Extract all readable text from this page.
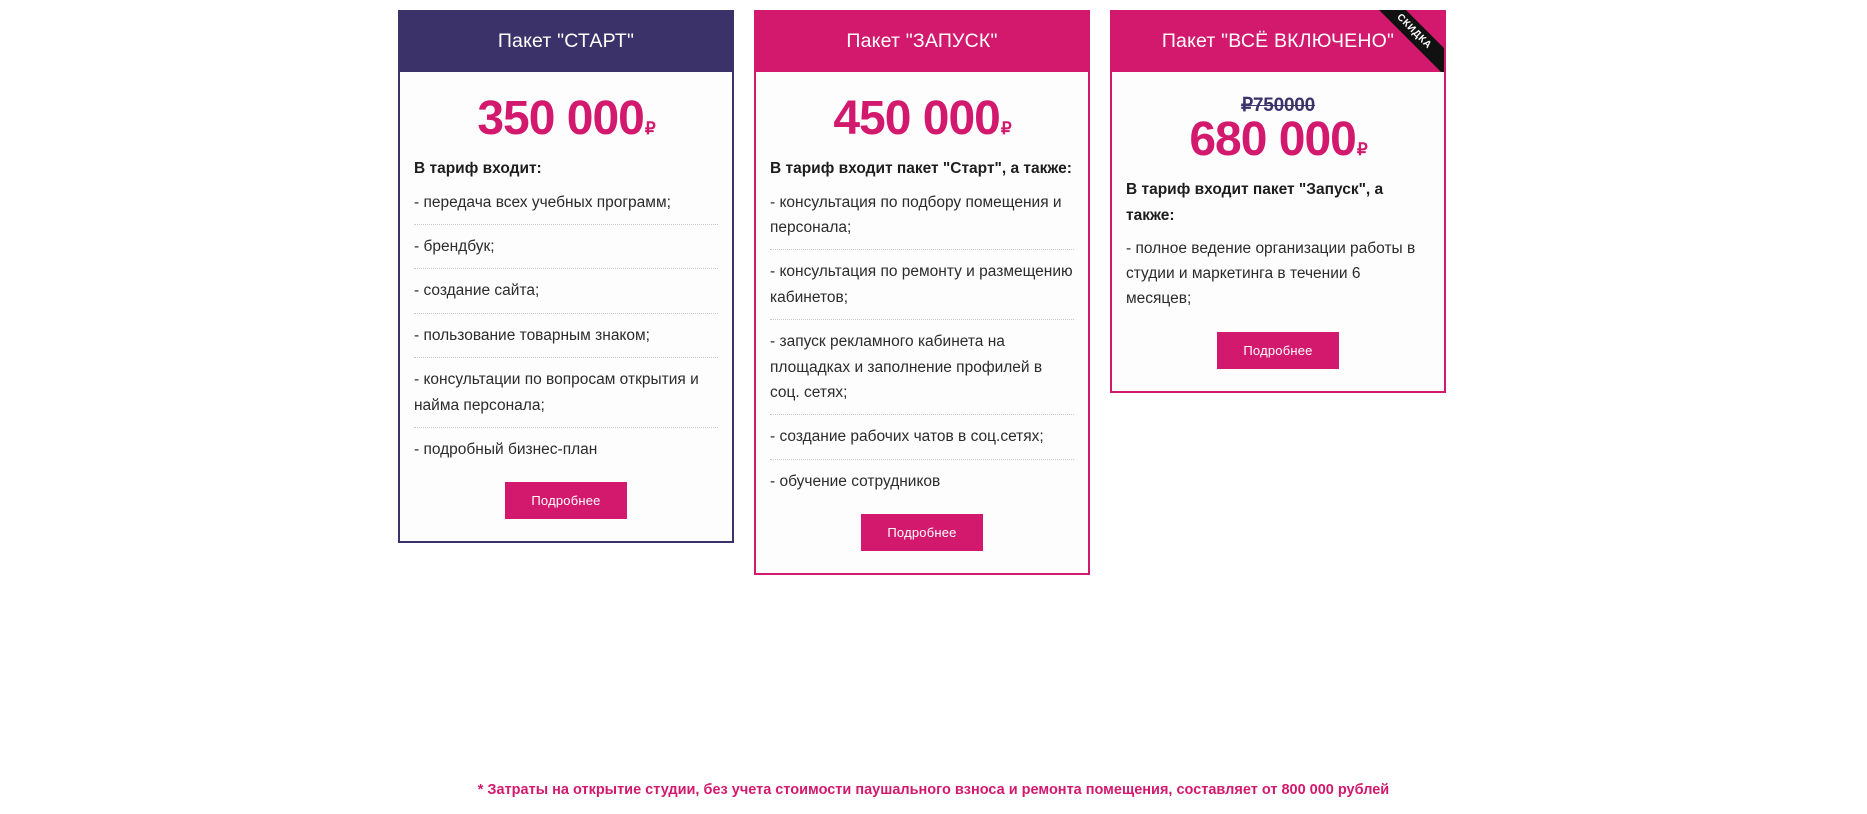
Пакет "СТАРТ"
350 000₽
В тариф входит:
- передача всех учебных программ;
- брендбук;
- создание сайта;
- пользование товарным знаком;
- консультации по вопросам открытия и найма персонала;
- подробный бизнес-план
Подробнее
Пакет "ЗАПУСК"
450 000₽
В тариф входит пакет "Старт", а также:
- консультация по подбору помещения и персонала;
- консультация по ремонту и размещению кабинетов;
- запуск рекламного кабинета на площадках и заполнение профилей в соц. сетях;
- создание рабочих чатов в соц.сетях;
- обучение сотрудников
Подробнее
Пакет "ВСЁ ВКЛЮЧЕНО" СКИДКА
₽750000
680 000₽
В тариф входит пакет "Запуск", а также:
- полное ведение организации работы в студии и маркетинга в течении 6 месяцев;
Подробнее
* Затраты на открытие студии, без учета стоимости паушального взноса и ремонта помещения, составляет от 800 000 рублей
